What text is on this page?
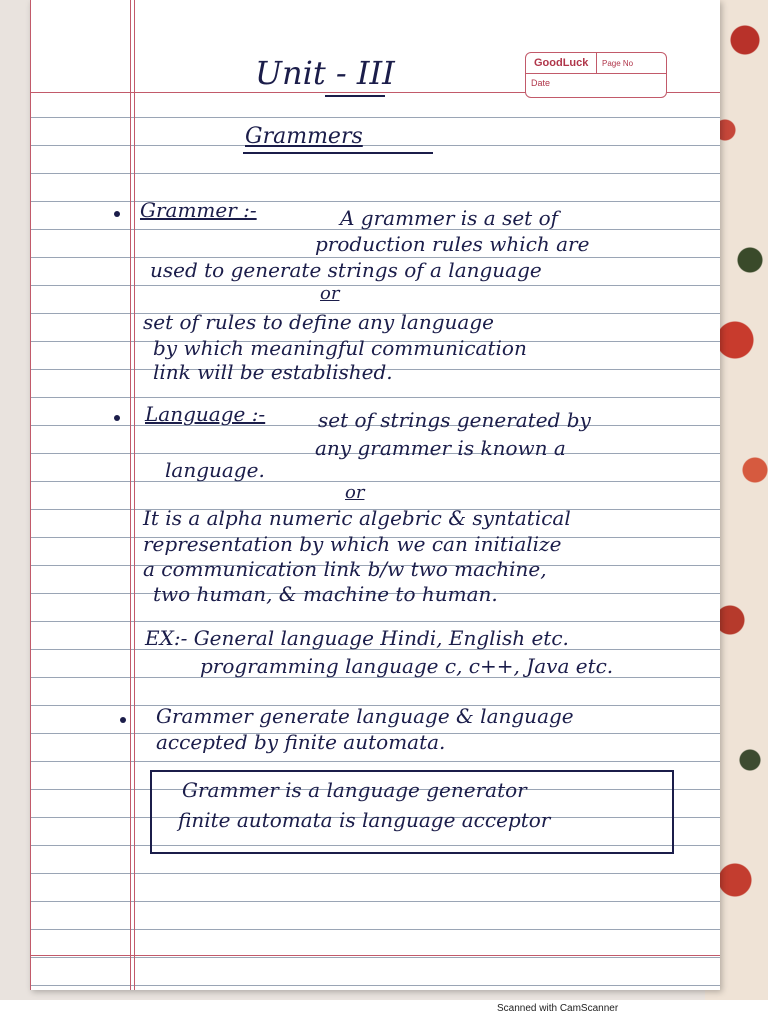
GoodLuck Page No
Date
Unit - III
Grammers
Grammer :-	A grammer is a set of
production rules which are
used to generate strings of a language
or
set of rules to define any language
by which meaningful communication
link will be established.
Language :-	set of strings generated by
any grammer is known a
language.
or
It is a alpha numeric algebric & syntatical
representation by which we can initialize
a communication link b/w two machine,
two human, & machine to human.
EX:- General language Hindi, English etc.
programming language c, c++, Java etc.
Grammer generate language & language
accepted by finite automata.
Grammer is a language generator
finite automata is language acceptor
Scanned with CamScanner
